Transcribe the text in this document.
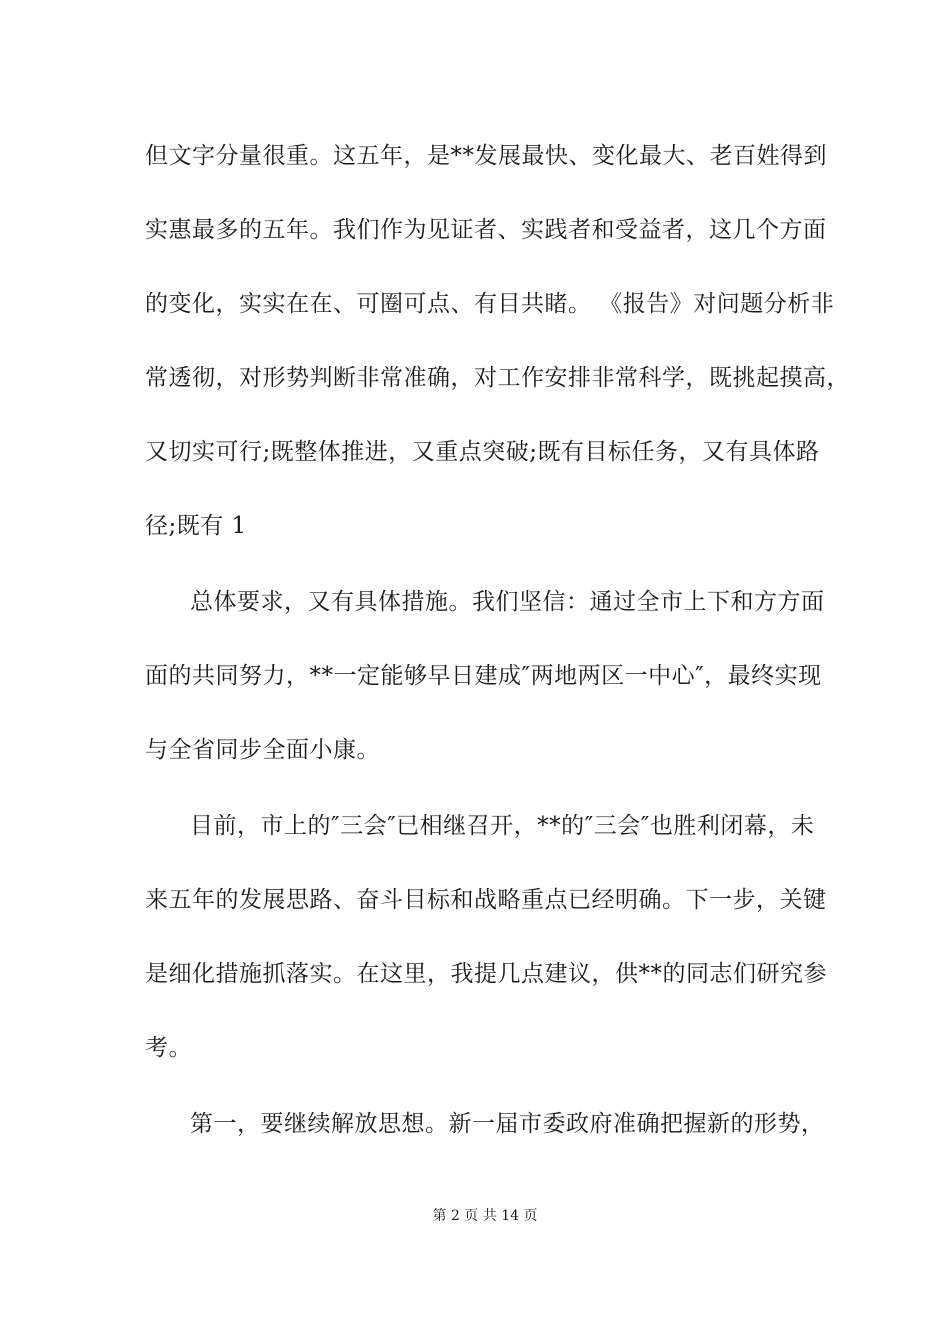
但文字分量很重。这五年，是**发展最快、变化最大、老百姓得到
实惠最多的五年。我们作为见证者、实践者和受益者，这几个方面
的变化，实实在在、可圈可点、有目共睹。 《报告》对问题分析非
常透彻，对形势判断非常准确，对工作安排非常科学，既挑起摸高，
又切实可行;既整体推进，又重点突破;既有目标任务，又有具体路
径;既有 1
总体要求，又有具体措施。我们坚信：通过全市上下和方方面
面的共同努力，**一定能够早日建成″两地两区一中心″，最终实现
与全省同步全面小康。
目前，市上的″三会″已相继召开，**的″三会″也胜利闭幕，未
来五年的发展思路、奋斗目标和战略重点已经明确。下一步，关键
是细化措施抓落实。在这里，我提几点建议，供**的同志们研究参
考。
第一，要继续解放思想。新一届市委政府准确把握新的形势，
第 2 页 共 14 页
